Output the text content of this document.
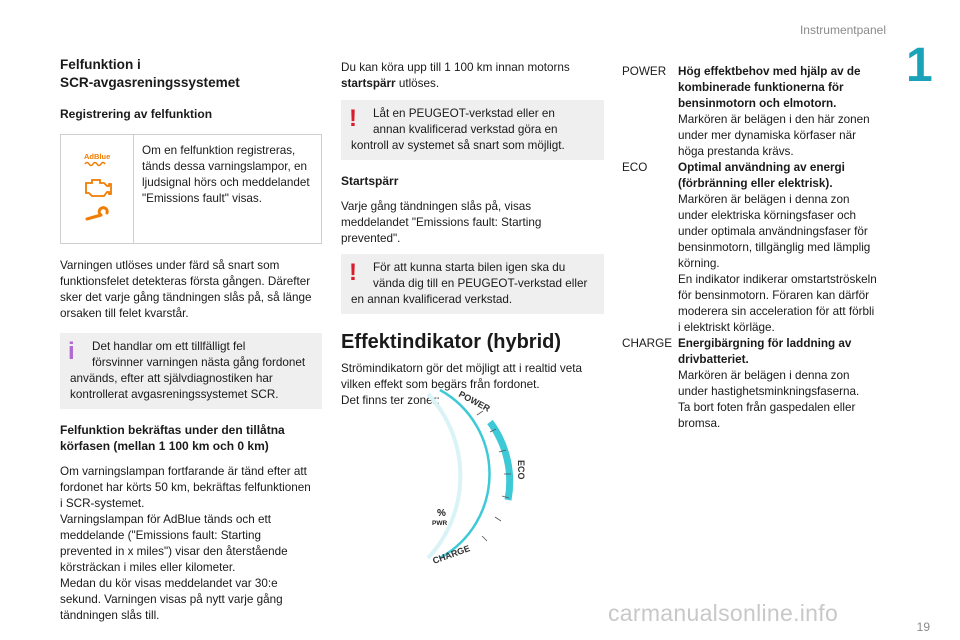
Instrumentpanel
1
19
carmanualsonline.info
Felfunktion i
SCR-avgasreningssystemet
Registrering av felfunktion
AdBlue	Om en felfunktion registreras,
tänds dessa varningslampor, en
ljudsignal hörs och meddelandet
"Emissions fault" visas.

Varningen utlöses under färd så snart som
funktionsfelet detekteras första gången. Därefter
sker det varje gång tändningen slås på, så länge
orsaken till felet kvarstår.

i	Det handlar om ett tillfälligt fel
försvinner varningen nästa gång fordonet
används, efter att självdiagnostiken har
kontrollerat avgasreningssystemet SCR.
Felfunktion bekräftas under den tillåtna
körfasen (mellan 1 100 km och 0 km)

Om varningslampan fortfarande är tänd efter att
fordonet har körts 50 km, bekräftas felfunktionen
i SCR-systemet.
Varningslampan för AdBlue tänds och ett
meddelande ("Emissions fault: Starting
prevented in x miles") visar den återstående
körsträckan i miles eller kilometer.
Medan du kör visas meddelandet var 30:e
sekund. Varningen visas på nytt varje gång
tändningen slås till.

Du kan köra upp till 1 100 km innan motorns
startspärr utlöses.

!	Låt en PEUGEOT-verkstad eller en
annan kvalificerad verkstad göra en
kontroll av systemet så snart som möjligt.
Startspärr

Varje gång tändningen slås på, visas
meddelandet "Emissions fault: Starting
prevented".

!	För att kunna starta bilen igen ska du
vända dig till en PEUGEOT-verkstad eller
en annan kvalificerad verkstad.
Effektindikator (hybrid)

Strömindikatorn gör det möjligt att i realtid veta
vilken effekt som begärs från fordonet.
Det finns ter zoner:	POWER
ECO
CHARGE
%
PWR
POWER	Hög effektbehov med hjälp av de
kombinerade funktionerna för
bensinmotorn och elmotorn.
Markören är belägen i den här zonen
under mer dynamiska körfaser när
höga prestanda krävs.
ECO	Optimal användning av energi
(förbränning eller elektrisk).
Markören är belägen i denna zon
under elektriska körningsfaser och
under optimala användningsfaser för
bensinmotorn, tillgänglig med lämplig
körning.
En indikator indikerar omstartströskeln
för bensinmotorn. Föraren kan därför
moderera sin acceleration för att förbli
i elektriskt körläge.
CHARGE Energibärgning för laddning av
drivbatteriet.
Markören är belägen i denna zon
under hastighetsminkningsfaserna.
Ta bort foten från gaspedalen eller
bromsa.
